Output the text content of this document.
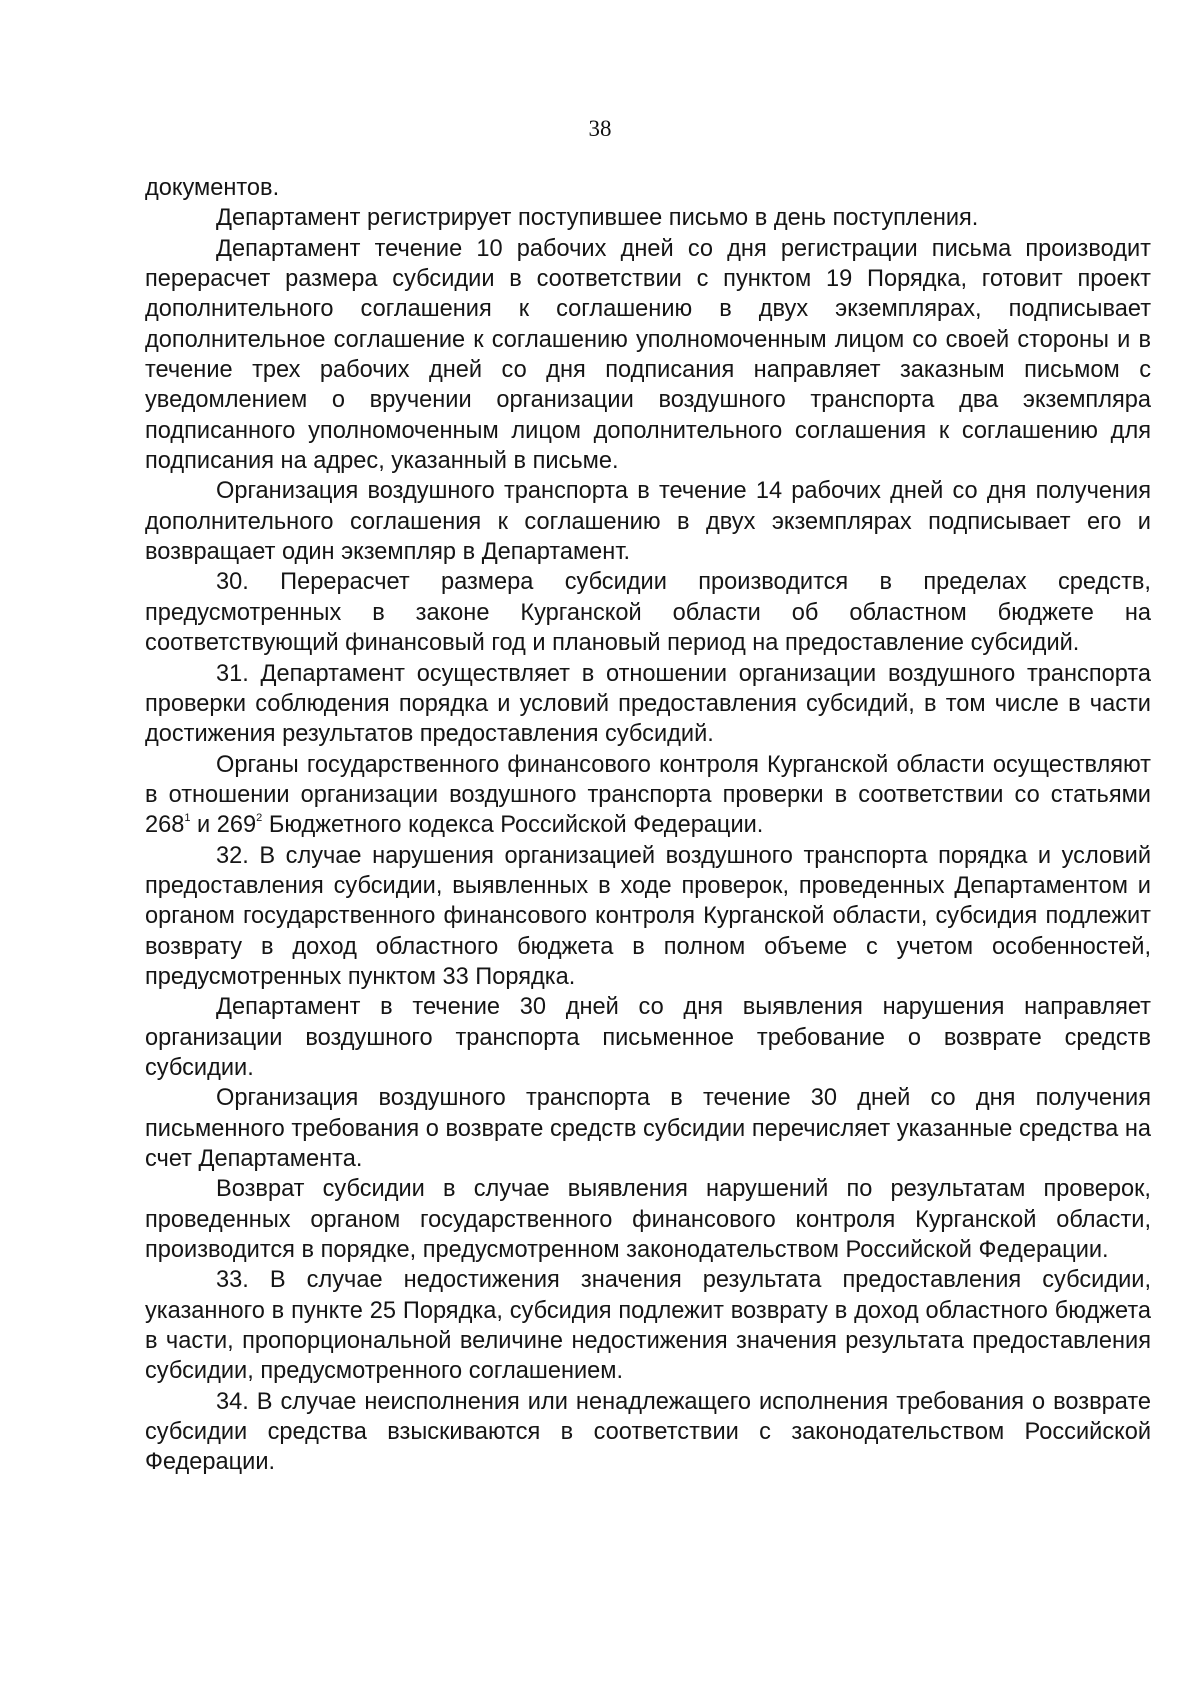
38

документов.

Департамент регистрирует поступившее письмо в день поступления.

Департамент течение 10 рабочих дней со дня регистрации письма производит перерасчет размера субсидии в соответствии с пунктом 19 Порядка, готовит проект дополнительного соглашения к соглашению в двух экземплярах, подписывает дополнительное соглашение к соглашению уполномоченным лицом со своей стороны и в течение трех рабочих дней со дня подписания направляет заказным письмом с уведомлением о вручении организации воздушного транспорта два экземпляра подписанного уполномоченным лицом дополнительного соглашения к соглашению для подписания на адрес, указанный в письме.

Организация воздушного транспорта в течение 14 рабочих дней со дня получения дополнительного соглашения к соглашению в двух экземплярах подписывает его и возвращает один экземпляр в Департамент.

30. Перерасчет размера субсидии производится в пределах средств, предусмотренных в законе Курганской области об областном бюджете на соответствующий финансовый год и плановый период на предоставление субсидий.

31. Департамент осуществляет в отношении организации воздушного транспорта проверки соблюдения порядка и условий предоставления субсидий, в том числе в части достижения результатов предоставления субсидий.

Органы государственного финансового контроля Курганской области осуществляют в отношении организации воздушного транспорта проверки в соответствии со статьями $268^1$ и $269^2$ Бюджетного кодекса Российской Федерации.

32. В случае нарушения организацией воздушного транспорта порядка и условий предоставления субсидии, выявленных в ходе проверок, проведенных Департаментом и органом государственного финансового контроля Курганской области, субсидия подлежит возврату в доход областного бюджета в полном объеме с учетом особенностей, предусмотренных пунктом 33 Порядка.

Департамент в течение 30 дней со дня выявления нарушения направляет организации воздушного транспорта письменное требование о возврате средств субсидии.

Организация воздушного транспорта в течение 30 дней со дня получения письменного требования о возврате средств субсидии перечисляет указанные средства на счет Департамента.

Возврат субсидии в случае выявления нарушений по результатам проверок, проведенных органом государственного финансового контроля Курганской области, производится в порядке, предусмотренном законодательством Российской Федерации.

33. В случае недостижения значения результата предоставления субсидии, указанного в пункте 25 Порядка, субсидия подлежит возврату в доход областного бюджета в части, пропорциональной величине недостижения значения результата предоставления субсидии, предусмотренного соглашением.

34. В случае неисполнения или ненадлежащего исполнения требования о возврате субсидии средства взыскиваются в соответствии с законодательством Российской Федерации.
